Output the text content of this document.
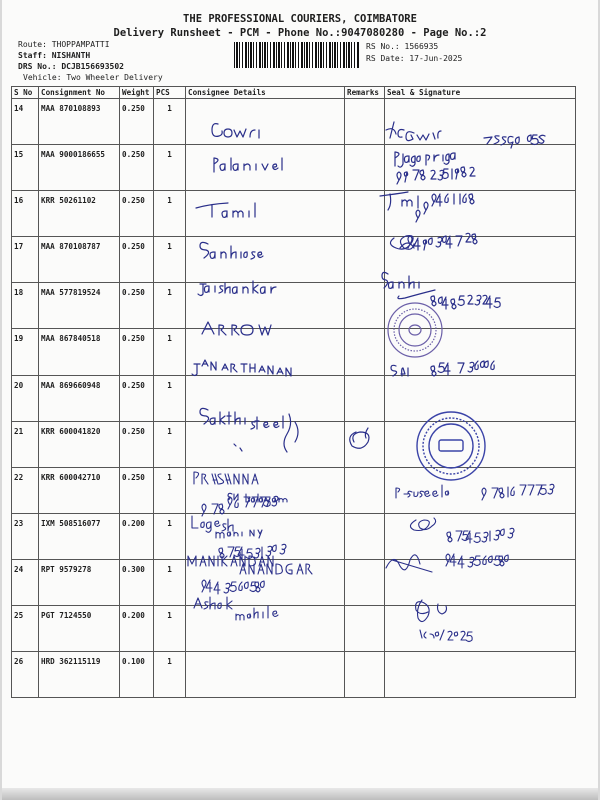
THE PROFESSIONAL COURIERS, COIMBATORE
Delivery Runsheet - PCM - Phone No.:9047080280 - Page No.:2
Route: THOPPAMPATTI
Staff: NISHANTH
DRS No.: DCJB156693502
Vehicle: Two Wheeler Delivery
RS No.: 1566935
RS Date: 17-Jun-2025
S No	Consignment No	Weight	PCS	Consignee Details	Remarks	Seal & Signature
14	MAA 870108893	0.250	1			
15	MAA 9000186655	0.250	1			
16	KRR 50261102	0.250	1			
17	MAA 870108787	0.250	1			
18	MAA 577819524	0.250	1			
19	MAA 867840518	0.250	1			
20	MAA 869660948	0.250	1			
21	KRR 600041820	0.250	1			
22	KRR 600042710	0.250	1			
23	IXM 508516077	0.200	1			
24	RPT 9579278	0.300	1			
25	PGT 7124550	0.200	1			
26	HRD 362115119	0.100	1			
